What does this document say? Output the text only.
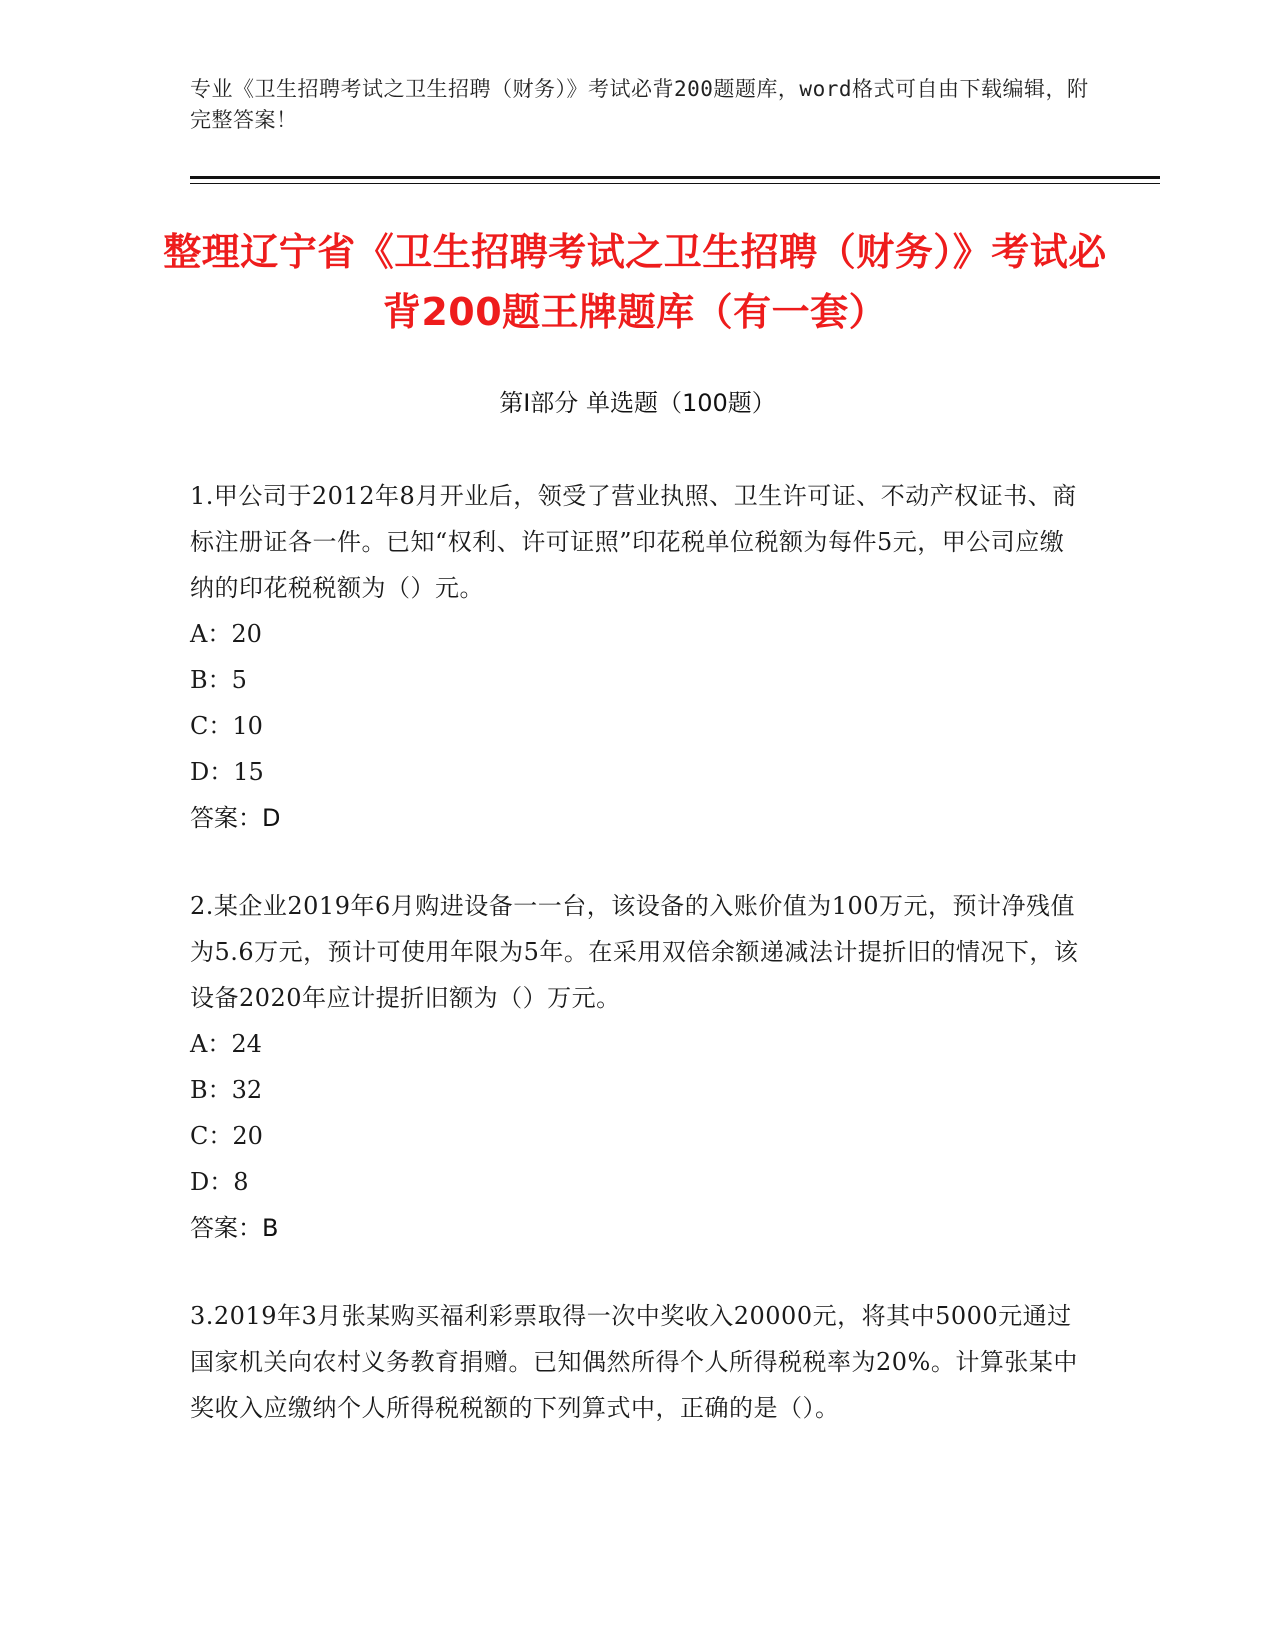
专业《卫生招聘考试之卫生招聘（财务）》考试必背200题题库，word格式可自由下载编辑，附完整答案！
整理辽宁省《卫生招聘考试之卫生招聘（财务）》考试必背200题王牌题库（有一套）
第I部分 单选题（100题）
1.甲公司于2012年8月开业后，领受了营业执照、卫生许可证、不动产权证书、商标注册证各一件。已知“权利、许可证照”印花税单位税额为每件5元，甲公司应缴纳的印花税税额为（）元。
A：20
B：5
C：10
D：15
答案：D
2.某企业2019年6月购进设备一一台，该设备的入账价值为100万元，预计净残值为5.6万元，预计可使用年限为5年。在采用双倍余额递减法计提折旧的情况下，该设备2020年应计提折旧额为（）万元。
A：24
B：32
C：20
D：8
答案：B
3.2019年3月张某购买福利彩票取得一次中奖收入20000元，将其中5000元通过国家机关向农村义务教育捐赠。已知偶然所得个人所得税税率为20%。计算张某中奖收入应缴纳个人所得税税额的下列算式中，正确的是（）。
